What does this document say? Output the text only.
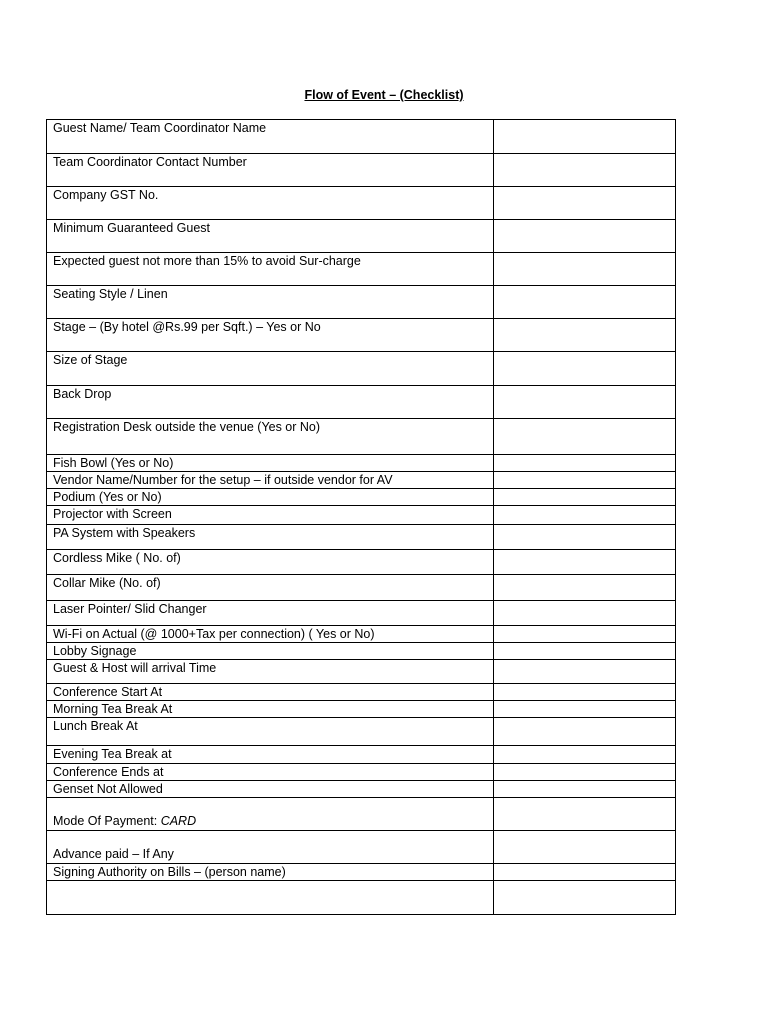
Flow of Event – (Checklist)
Guest Name/ Team Coordinator Name	

Team Coordinator Contact Number	

Company GST No.	

Minimum Guaranteed Guest	

Expected guest not more than 15% to avoid Sur-charge	

Seating Style / Linen	

Stage – (By hotel @Rs.99 per Sqft.) – Yes or No	

Size of Stage	

Back Drop	

Registration Desk outside the venue (Yes or No)	

Fish Bowl (Yes or No)	

Vendor Name/Number for the setup – if outside vendor for AV	

Podium (Yes or No)	

Projector with Screen	

PA System with Speakers	

Cordless Mike ( No. of)	

Collar Mike (No. of)	

Laser Pointer/ Slid Changer	

Wi-Fi on Actual (@ 1000+Tax per connection) ( Yes or No)	

Lobby Signage	

Guest & Host will arrival Time	

Conference Start At	

Morning Tea Break At	

Lunch Break At	

Evening Tea Break at	

Conference Ends at	

Genset Not Allowed	

Mode Of Payment: CARD	

Advance paid – If Any	

Signing Authority on Bills – (person name)	
